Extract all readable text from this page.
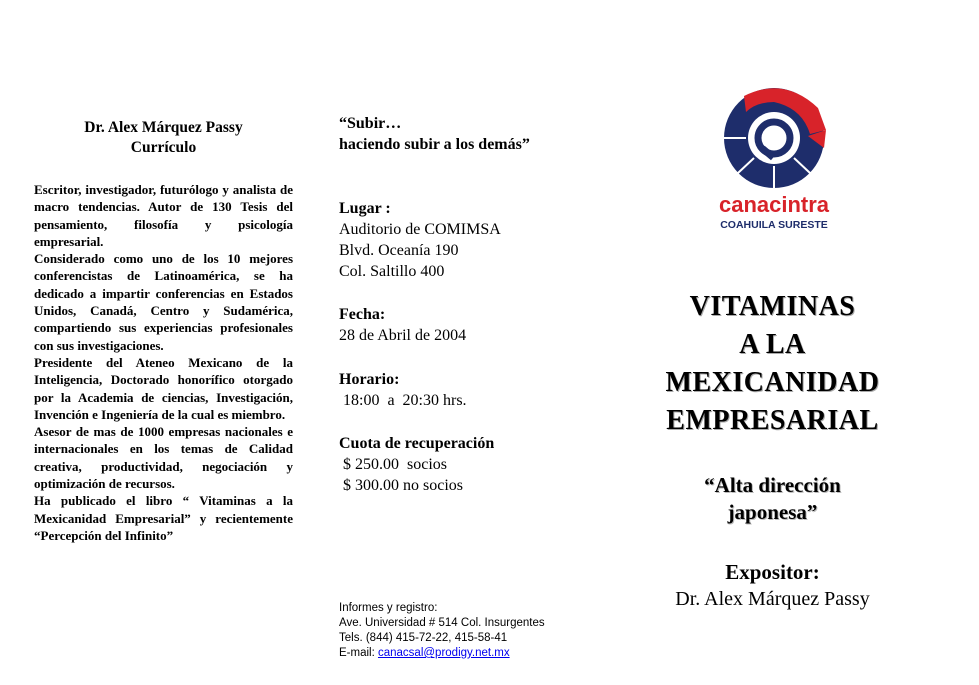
Dr. Alex Márquez Passy
Currículo

Escritor, investigador, futurólogo y analista de macro tendencias. Autor de 130 Tesis del pensamiento, filosofía y psicología empresarial.

Considerado como uno de los 10 mejores conferencistas de Latinoamérica, se ha dedicado a impartir conferencias en Estados Unidos, Canadá, Centro y Sudamérica, compartiendo sus experiencias profesionales con sus investigaciones.

Presidente del Ateneo Mexicano de la Inteligencia, Doctorado honorífico otorgado por la Academia de ciencias, Investigación, Invención e Ingeniería de la cual es miembro.

Asesor de mas de 1000 empresas nacionales e internacionales en los temas de Calidad creativa, productividad, negociación y optimización de recursos.

Ha publicado el libro “ Vitaminas a la Mexicanidad Empresarial” y recientemente “Percepción del Infinito”

“Subir…
haciendo subir a los demás”
Lugar :
Auditorio de COMIMSA
Blvd. Oceanía 190
Col. Saltillo 400
Fecha:
28 de Abril de 2004
Horario:
18:00  a  20:30 hrs.
Cuota de recuperación
$ 250.00  socios
$ 300.00 no socios
Informes y registro:
Ave. Universidad # 514 Col. Insurgentes
Tels. (844) 415-72-22, 415-58-41
E-mail: canacsal@prodigy.net.mx
canacintra
COAHUILA SURESTE
VITAMINAS
A LA
MEXICANIDAD
EMPRESARIAL
“Alta dirección
japonesa”
Expositor:
Dr. Alex Márquez Passy
